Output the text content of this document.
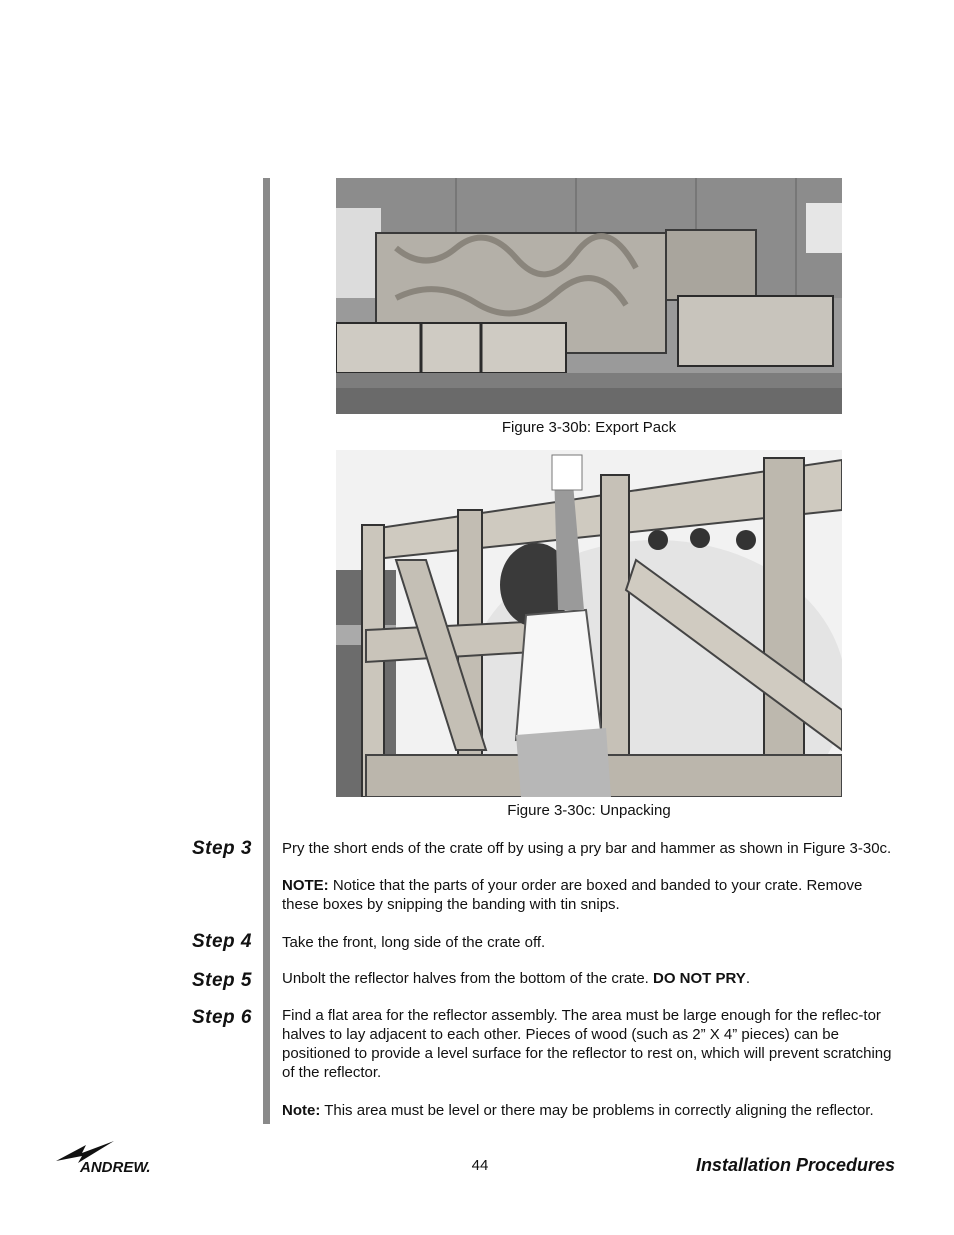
Figure 3-30b: Export Pack
Figure 3-30c: Unpacking
Step 3 Pry the short ends of the crate off by using a pry bar and hammer as shown in Figure 3-30c.
NOTE: Notice that the parts of your order are boxed and banded to your crate. Remove these boxes by snipping the banding with tin snips.
Step 4 Take the front, long side of the crate off.
Step 5 Unbolt the reflector halves from the bottom of the crate. DO NOT PRY.
Step 6 Find a flat area for the reflector assembly. The area must be large enough for the reflec-tor halves to lay adjacent to each other. Pieces of wood (such as 2” X 4” pieces) can be positioned to provide a level surface for the reflector to rest on, which will prevent scratching of the reflector.
Note: This area must be level or there may be problems in correctly aligning the reflector.
ANDREW.	44	Installation Procedures
